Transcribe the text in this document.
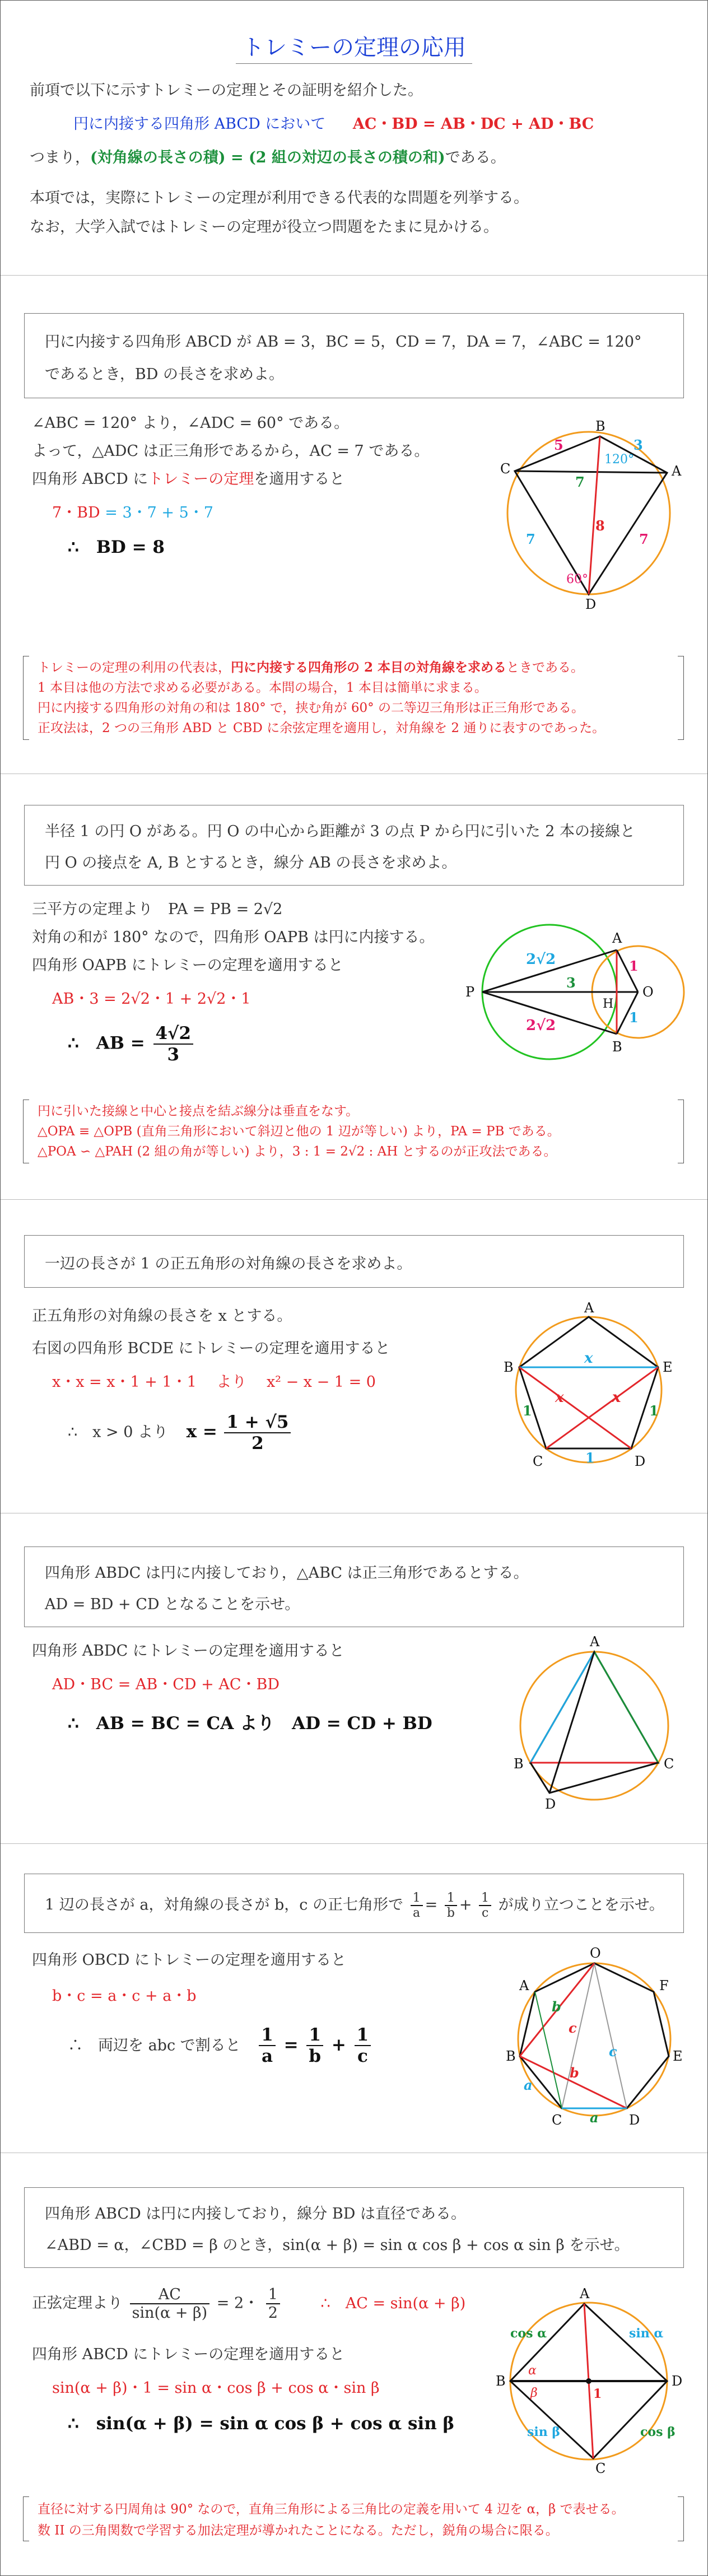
トレミーの定理の応用
前項で以下に示すトレミーの定理とその証明を紹介した。
円に内接する四角形 ABCD において AC・BD = AB・DC + AD・BC
つまり，(対角線の長さの積) = (2 組の対辺の長さの積の和)である。
本項では，実際にトレミーの定理が利用できる代表的な問題を列挙する。
なお，大学入試ではトレミーの定理が役立つ問題をたまに見かける。
円に内接する四角形 ABCD が AB = 3，BC = 5，CD = 7，DA = 7，∠ABC = 120°
であるとき，BD の長さを求めよ。
∠ABC = 120° より，∠ADC = 60° である。
よって，△ADC は正三角形であるから，AC = 7 である。
四角形 ABCD にトレミーの定理を適用すると
7・BD = 3・7 + 5・7
∴　BD = 8
B
A
C
D
5	3
7
7	7
8
120°
60°
トレミーの定理の利用の代表は，円に内接する四角形の 2 本目の対角線を求めるときである。
1 本目は他の方法で求める必要がある。本問の場合，1 本目は簡単に求まる。
円に内接する四角形の対角の和は 180° で，挟む角が 60° の二等辺三角形は正三角形である。
正攻法は，2 つの三角形 ABD と CBD に余弦定理を適用し，対角線を 2 通りに表すのであった。
半径 1 の円 O がある。円 O の中心から距離が 3 の点 P から円に引いた 2 本の接線と
円 O の接点を A, B とするとき，線分 AB の長さを求めよ。
三平方の定理より　PA = PB = 2√2
対角の和が 180° なので，四角形 OAPB は円に内接する。
四角形 OAPB にトレミーの定理を適用すると
AB・3 = 2√2・1 + 2√2・1
∴　AB = $\frac{4√2}{3}$
P
A
B
O
H
2√2
2√2
3
1
1
円に引いた接線と中心と接点を結ぶ線分は垂直をなす。
△OPA ≡ △OPB (直角三角形において斜辺と他の 1 辺が等しい) より，PA = PB である。
△POA ∽ △PAH (2 組の角が等しい) より，3 : 1 = 2√2 : AH とするのが正攻法である。
一辺の長さが 1 の正五角形の対角線の長さを求めよ。
正五角形の対角線の長さを x とする。
右図の四角形 BCDE にトレミーの定理を適用すると
x・x = x・1 + 1・1　 より　 x² − x − 1 = 0
∴　x > 0 より $x = \frac{1 + √5}{2}$
A
B	E
C	D
x
x	x
1
1
1
四角形 ABDC は円に内接しており，△ABC は正三角形であるとする。
AD = BD + CD となることを示せ。
四角形 ABDC にトレミーの定理を適用すると
AD・BC = AB・CD + AC・BD
∴　AB = BC = CA より　AD = CD + BD
A
B	C
D
1 辺の長さが a，対角線の長さが b，c の正七角形で $\frac{1}{a} = \frac{1}{b} + \frac{1}{c}$ が成り立つことを示せ。
四角形 OBCD にトレミーの定理を適用すると
b・c = a・c + a・b
∴　両辺を abc で割ると $\frac{1}{a} = \frac{1}{b} + \frac{1}{c}$
O
F
E
D
C
B
A
b
c
c
b
a
a
四角形 ABCD は円に内接しており，線分 BD は直径である。
∠ABD = α，∠CBD = β のとき，sin(α + β) = sin α cos β + cos α sin β を示せ。
正弦定理より $\frac{AC}{\sin(\alpha + \beta)} = 2$・ $\frac{1}{2}$	∴　AC = sin(α + β)
四角形 ABCD にトレミーの定理を適用すると
sin(α + β)・1 = sin α・cos β + cos α・sin β
∴　sin(α + β) = sin α cos β + cos α sin β
A
B
C
D
cos α	sin α
sin β	cos β
α
β	1
直径に対する円周角は 90° なので，直角三角形による三角比の定義を用いて 4 辺を α，β で表せる。
数 II の三角関数で学習する加法定理が導かれたことになる。ただし，鋭角の場合に限る。
